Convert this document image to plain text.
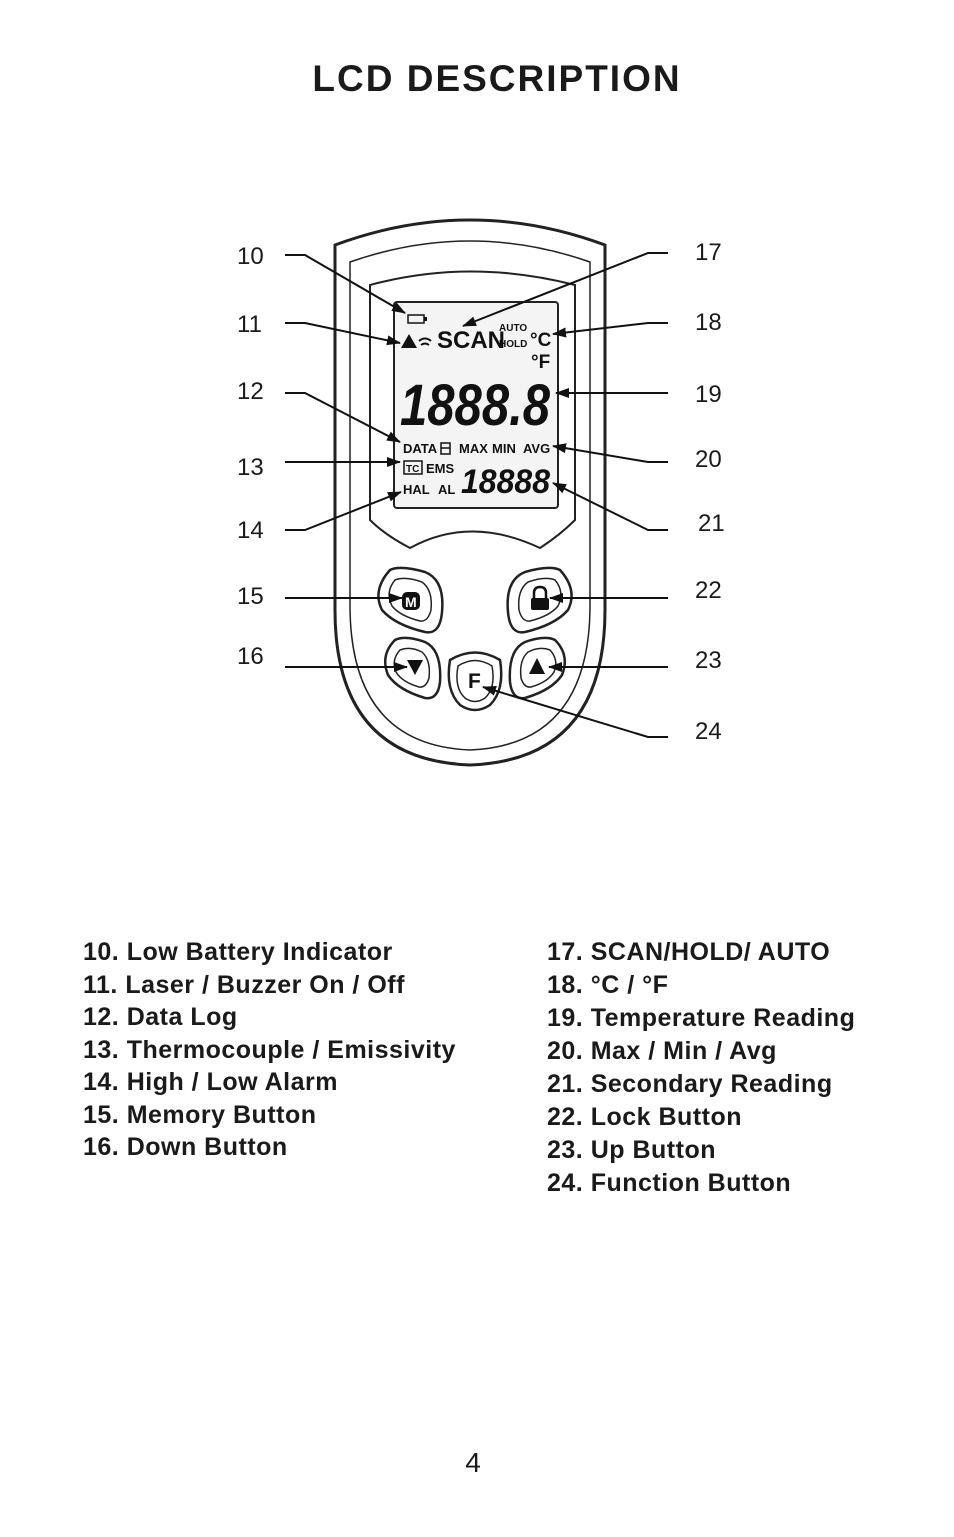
LCD DESCRIPTION
SCAN
AUTO
HOLD °C
°F
1888.8
DATA MAX MIN AVG
TC EMS
HAL AL 18888
M
F
10
11
12
13
14
15
16
17
18
19
20
21
22
23
24
10. Low Battery Indicator
11. Laser / Buzzer On / Off
12. Data Log
13. Thermocouple / Emissivity
14. High / Low Alarm
15. Memory Button
16. Down Button
17. SCAN/HOLD/ AUTO
18. °C / °F
19. Temperature Reading
20. Max / Min / Avg
21. Secondary Reading
22. Lock Button
23. Up Button
24. Function Button
4
